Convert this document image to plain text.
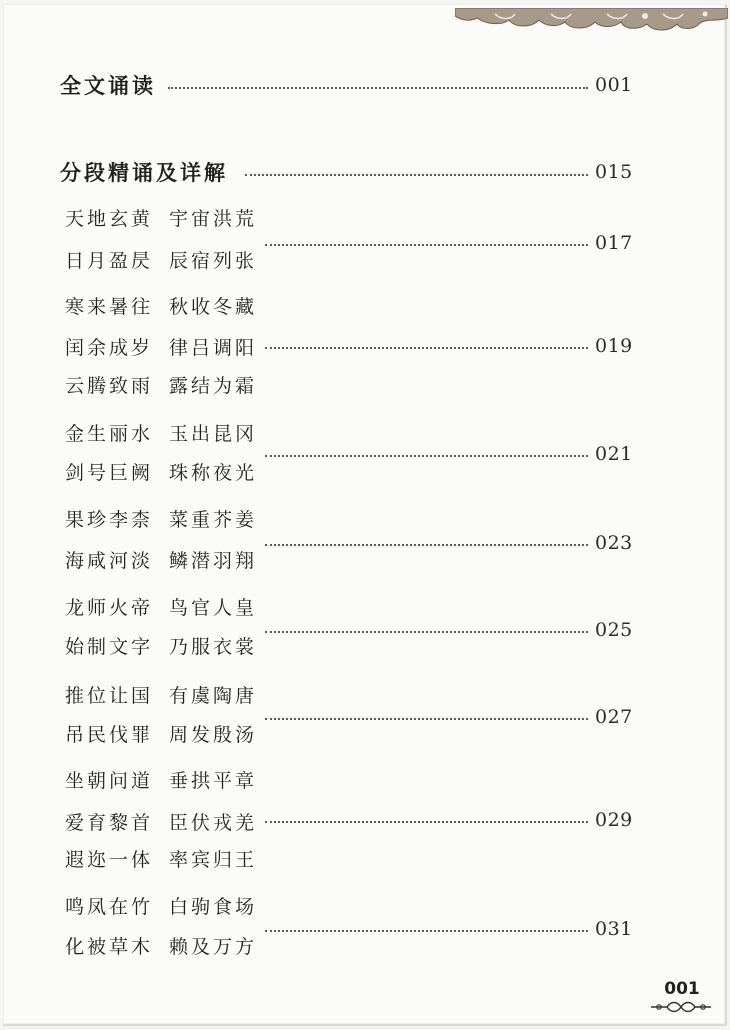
全文诵读	001
分段精诵及详解	015
天地玄黄 宇宙洪荒
日月盈昃 辰宿列张
017
寒来暑往 秋收冬藏
闰余成岁 律吕调阳
云腾致雨 露结为霜
019
金生丽水 玉出昆冈
剑号巨阙 珠称夜光
021
果珍李柰 菜重芥姜
海咸河淡 鳞潜羽翔
023
龙师火帝 鸟官人皇
始制文字 乃服衣裳
025
推位让国 有虞陶唐
吊民伐罪 周发殷汤
027
坐朝问道 垂拱平章
爱育黎首 臣伏戎羌
遐迩一体 率宾归王
029
鸣凤在竹 白驹食场
化被草木 赖及万方
031
001
